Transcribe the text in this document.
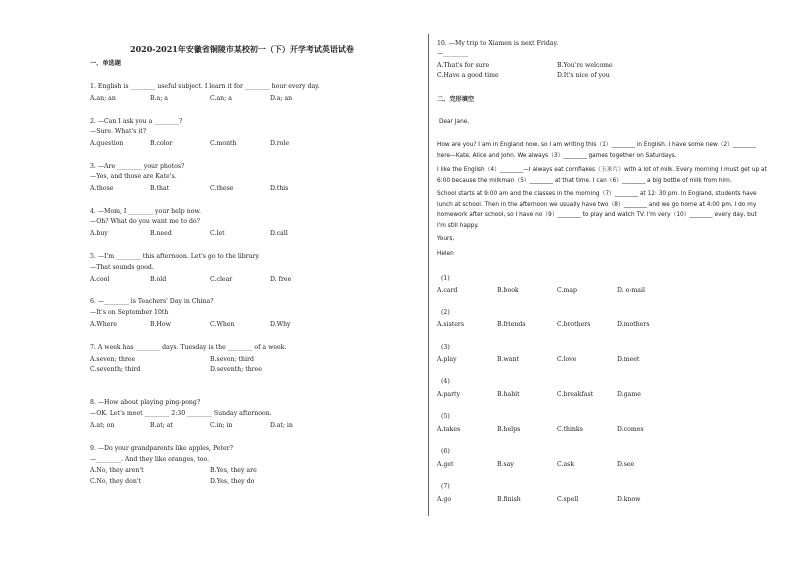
2020-2021年安徽省铜陵市某校初一（下）开学考试英语试卷
一、单选题
1. English is ________ useful subject. I learn it for ________ hour every day.
A.an; an	B.a; a	C.an; a	D.a; an
2. —Can I ask you a ________?
—Sure. What's it?
A.question	B.color	C.month	D.role
3. —Are ________ your photos?
—Yes, and those are Kate's.
A.those	B.that	C.these	D.this
4. —Mom, I ________ your help now.
—Oh? What do you want me to do?
A.buy	B.need	C.let	D.call
5. —I'm ________ this afternoon. Let's go to the library.
—That sounds good.
A.cool	B.old	C.clear	D. free
6. —________ is Teachers' Day in China?
—It's on September 10th
A.Where	B.How	C.When	D.Why
7. A week has ________ days. Tuesday is the ________ of a week.
A.seven; three	B.seven; third
C.seventh; third	D.seventh; three
8. —How about playing ping-pong?
—OK. Let's meet ________ 2:30 ________ Sunday afternoon.
A.at; on	B.at; at	C.in; in	D.at; in
9. —Do your grandparents like apples, Peter?
—________. And they like oranges, too.
A.No, they aren't	B.Yes, they are
C.No, they don't	D.Yes, they do
10. —My trip to Xiamen is next Friday.
—________
A.That's for sure	B.You're welcome
C.Have a good time	D.It's nice of you
二、完形填空
Dear Jane,
How are you? I am in England now, so I am writing this（1）________ in English. I have some new（2）________ here—Kate, Alice and John. We always（3）________ games together on Saturdays.
I like the English（4）________—I always eat cornflakes（玉米片）with a lot of milk. Every morning I must get up at 6:00 because the milkman（5）________ at that time. I can（6）________ a big bottle of milk from him.
School starts at 9:00 am and the classes in the morning（7）________ at 12: 30 pm. In England, students have lunch at school. Then in the afternoon we usually have two（8）________ and we go home at 4:00 pm. I do my homework after school, so I have no（9）________ to play and watch TV. I'm very（10）________ every day, but I'm still happy.
Yours,
Helen
(1)
A.card	B.book	C.map	D. e-mail
(2)
A.sisters	B.friends	C.brothers	D.mothers
(3)
A.play	B.want	C.love	D.meet
(4)
A.party	B.habit	C.breakfast	D.game
(5)
A.takes	B.helps	C.thinks	D.comes
(6)
A.get	B.say	C.ask	D.see
(7)
A.go	B.finish	C.spell	D.know
